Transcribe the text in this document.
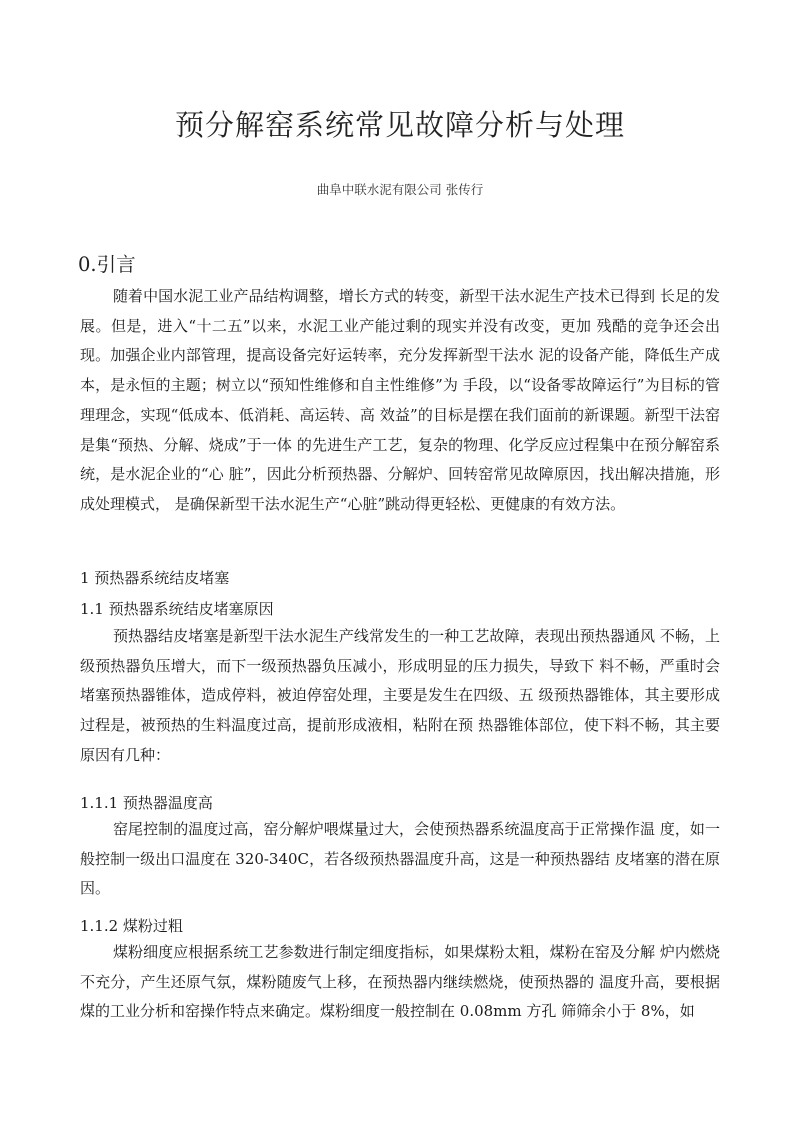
预分解窑系统常见故障分析与处理
曲阜中联水泥有限公司 张传行
0.引言
随着中国水泥工业产品结构调整，增长方式的转变，新型干法水泥生产技术已得到 长足的发展。但是，进入“十二五”以来，水泥工业产能过剩的现实并没有改变，更加 残酷的竞争还会出现。加强企业内部管理，提高设备完好运转率，充分发挥新型干法水 泥的设备产能，降低生产成本，是永恒的主题；树立以“预知性维修和自主性维修”为 手段，以“设备零故障运行”为目标的管理理念，实现“低成本、低消耗、高运转、高 效益”的目标是摆在我们面前的新课题。新型干法窑是集“预热、分解、烧成”于一体 的先进生产工艺，复杂的物理、化学反应过程集中在预分解窑系统，是水泥企业的“心 脏”，因此分析预热器、分解炉、回转窑常见故障原因，找出解决措施，形成处理模式， 是确保新型干法水泥生产“心脏”跳动得更轻松、更健康的有效方法。
1 预热器系统结皮堵塞
1.1 预热器系统结皮堵塞原因
预热器结皮堵塞是新型干法水泥生产线常发生的一种工艺故障，表现出预热器通风 不畅，上级预热器负压增大，而下一级预热器负压减小，形成明显的压力损失，导致下 料不畅，严重时会堵塞预热器锥体，造成停料，被迫停窑处理，主要是发生在四级、五 级预热器锥体，其主要形成过程是，被预热的生料温度过高，提前形成液相，粘附在预 热器锥体部位，使下料不畅，其主要原因有几种：
1.1.1 预热器温度高
窑尾控制的温度过高，窑分解炉喂煤量过大，会使预热器系统温度高于正常操作温 度，如一般控制一级出口温度在 320-340C，若各级预热器温度升高，这是一种预热器结 皮堵塞的潜在原因。
1.1.2 煤粉过粗
煤粉细度应根据系统工艺参数进行制定细度指标，如果煤粉太粗，煤粉在窑及分解 炉内燃烧不充分，产生还原气氛，煤粉随废气上移，在预热器内继续燃烧，使预热器的 温度升高，要根据煤的工业分析和窑操作特点来确定。煤粉细度一般控制在 0.08mm 方孔 筛筛余小于 8%，如
